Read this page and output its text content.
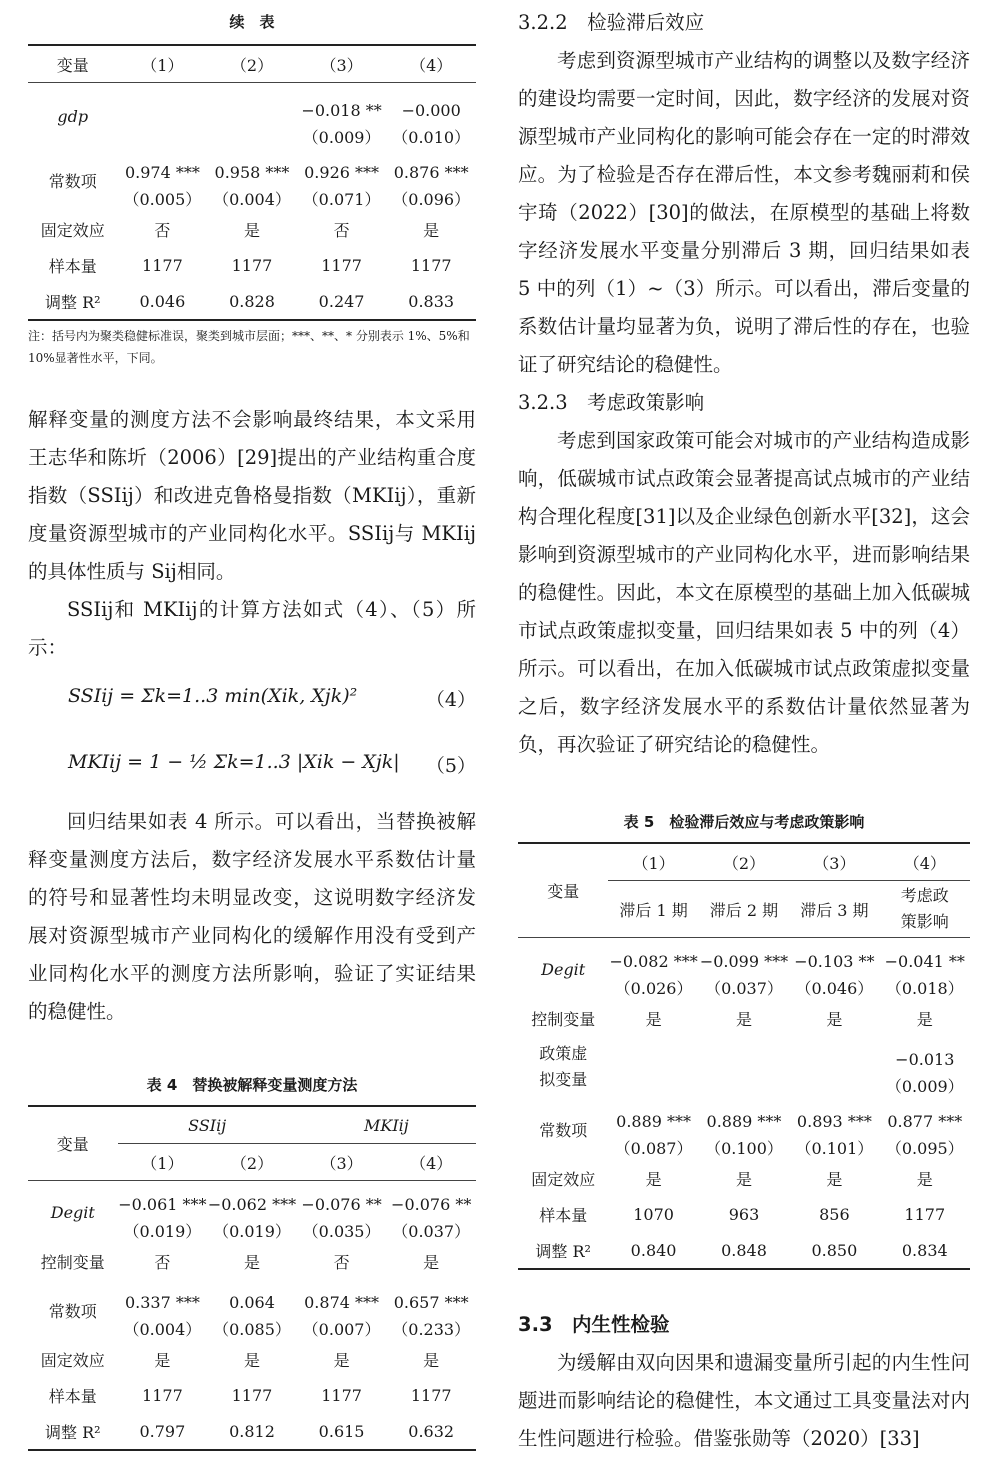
续　表
变量	（1）	（2）	（3）	（4）
gdp			−0.018 **	−0.000
			（0.009）	（0.010）
常数项	0.974 ***	0.958 ***	0.926 ***	0.876 ***
	（0.005）	（0.004）	（0.071）	（0.096）
固定效应	否	是	否	是
样本量	1177	1177	1177	1177
调整 R²	0.046	0.828	0.247	0.833
注：括号内为聚类稳健标准误，聚类到城市层面；***、**、* 分别表示 1%、5%和 10%显著性水平，下同。

解释变量的测度方法不会影响最终结果，本文采用王志华和陈圻（2006）[29]提出的产业结构重合度指数（SSIij）和改进克鲁格曼指数（MKIij），重新度量资源型城市的产业同构化水平。SSIij与 MKIij的具体性质与 Sij相同。

SSIij和 MKIij的计算方法如式（4）、（5）所示：

SSIij = Σk=1..3 min(Xik, Xjk)²	（4）
MKIij = 1 − ½ Σk=1..3 |Xik − Xjk| （5）

回归结果如表 4 所示。可以看出，当替换被解释变量测度方法后，数字经济发展水平系数估计量的符号和显著性均未明显改变，这说明数字经济发展对资源型城市产业同构化的缓解作用没有受到产业同构化水平的测度方法所影响，验证了实证结果的稳健性。

表 4　替换被解释变量测度方法
变量	SSIij		MKIij	
	（1）	（2）	（3）	（4）
Degit	−0.061 ***	−0.062 ***	−0.076 **	−0.076 **
	（0.019）	（0.019）	（0.035）	（0.037）
控制变量	否	是	否	是
常数项	0.337 ***	0.064	0.874 ***	0.657 ***
	（0.004）	（0.085）	（0.007）	（0.233）
固定效应	是	是	是	是
样本量	1177	1177	1177	1177
调整 R²	0.797	0.812	0.615	0.632

3.2.2　检验滞后效应

考虑到资源型城市产业结构的调整以及数字经济的建设均需要一定时间，因此，数字经济的发展对资源型城市产业同构化的影响可能会存在一定的时滞效应。为了检验是否存在滞后性，本文参考魏丽莉和侯宇琦（2022）[30]的做法，在原模型的基础上将数字经济发展水平变量分别滞后 3 期，回归结果如表 5 中的列（1）~（3）所示。可以看出，滞后变量的系数估计量均显著为负，说明了滞后性的存在，也验证了研究结论的稳健性。

3.2.3　考虑政策影响

考虑到国家政策可能会对城市的产业结构造成影响，低碳城市试点政策会显著提高试点城市的产业结构合理化程度[31]以及企业绿色创新水平[32]，这会影响到资源型城市的产业同构化水平，进而影响结果的稳健性。因此，本文在原模型的基础上加入低碳城市试点政策虚拟变量，回归结果如表 5 中的列（4）所示。可以看出，在加入低碳城市试点政策虚拟变量之后，数字经济发展水平的系数估计量依然显著为负，再次验证了研究结论的稳健性。

表 5　检验滞后效应与考虑政策影响
变量	（1）	（2）	（3）	（4）
	滞后 1 期	滞后 2 期	滞后 3 期	考虑政策影响
Degit	−0.082 ***	−0.099 ***	−0.103 **	−0.041 **
	（0.026）	（0.037）	（0.046）	（0.018）
控制变量	是	是	是	是
政策虚拟变量				−0.013
				（0.009）
常数项	0.889 ***	0.889 ***	0.893 ***	0.877 ***
	（0.087）	（0.100）	（0.101）	（0.095）
固定效应	是	是	是	是
样本量	1070	963	856	1177
调整 R²	0.840	0.848	0.850	0.834

3.3　内生性检验

为缓解由双向因果和遗漏变量所引起的内生性问题进而影响结论的稳健性，本文通过工具变量法对内生性问题进行检验。借鉴张勋等（2020）[33]
